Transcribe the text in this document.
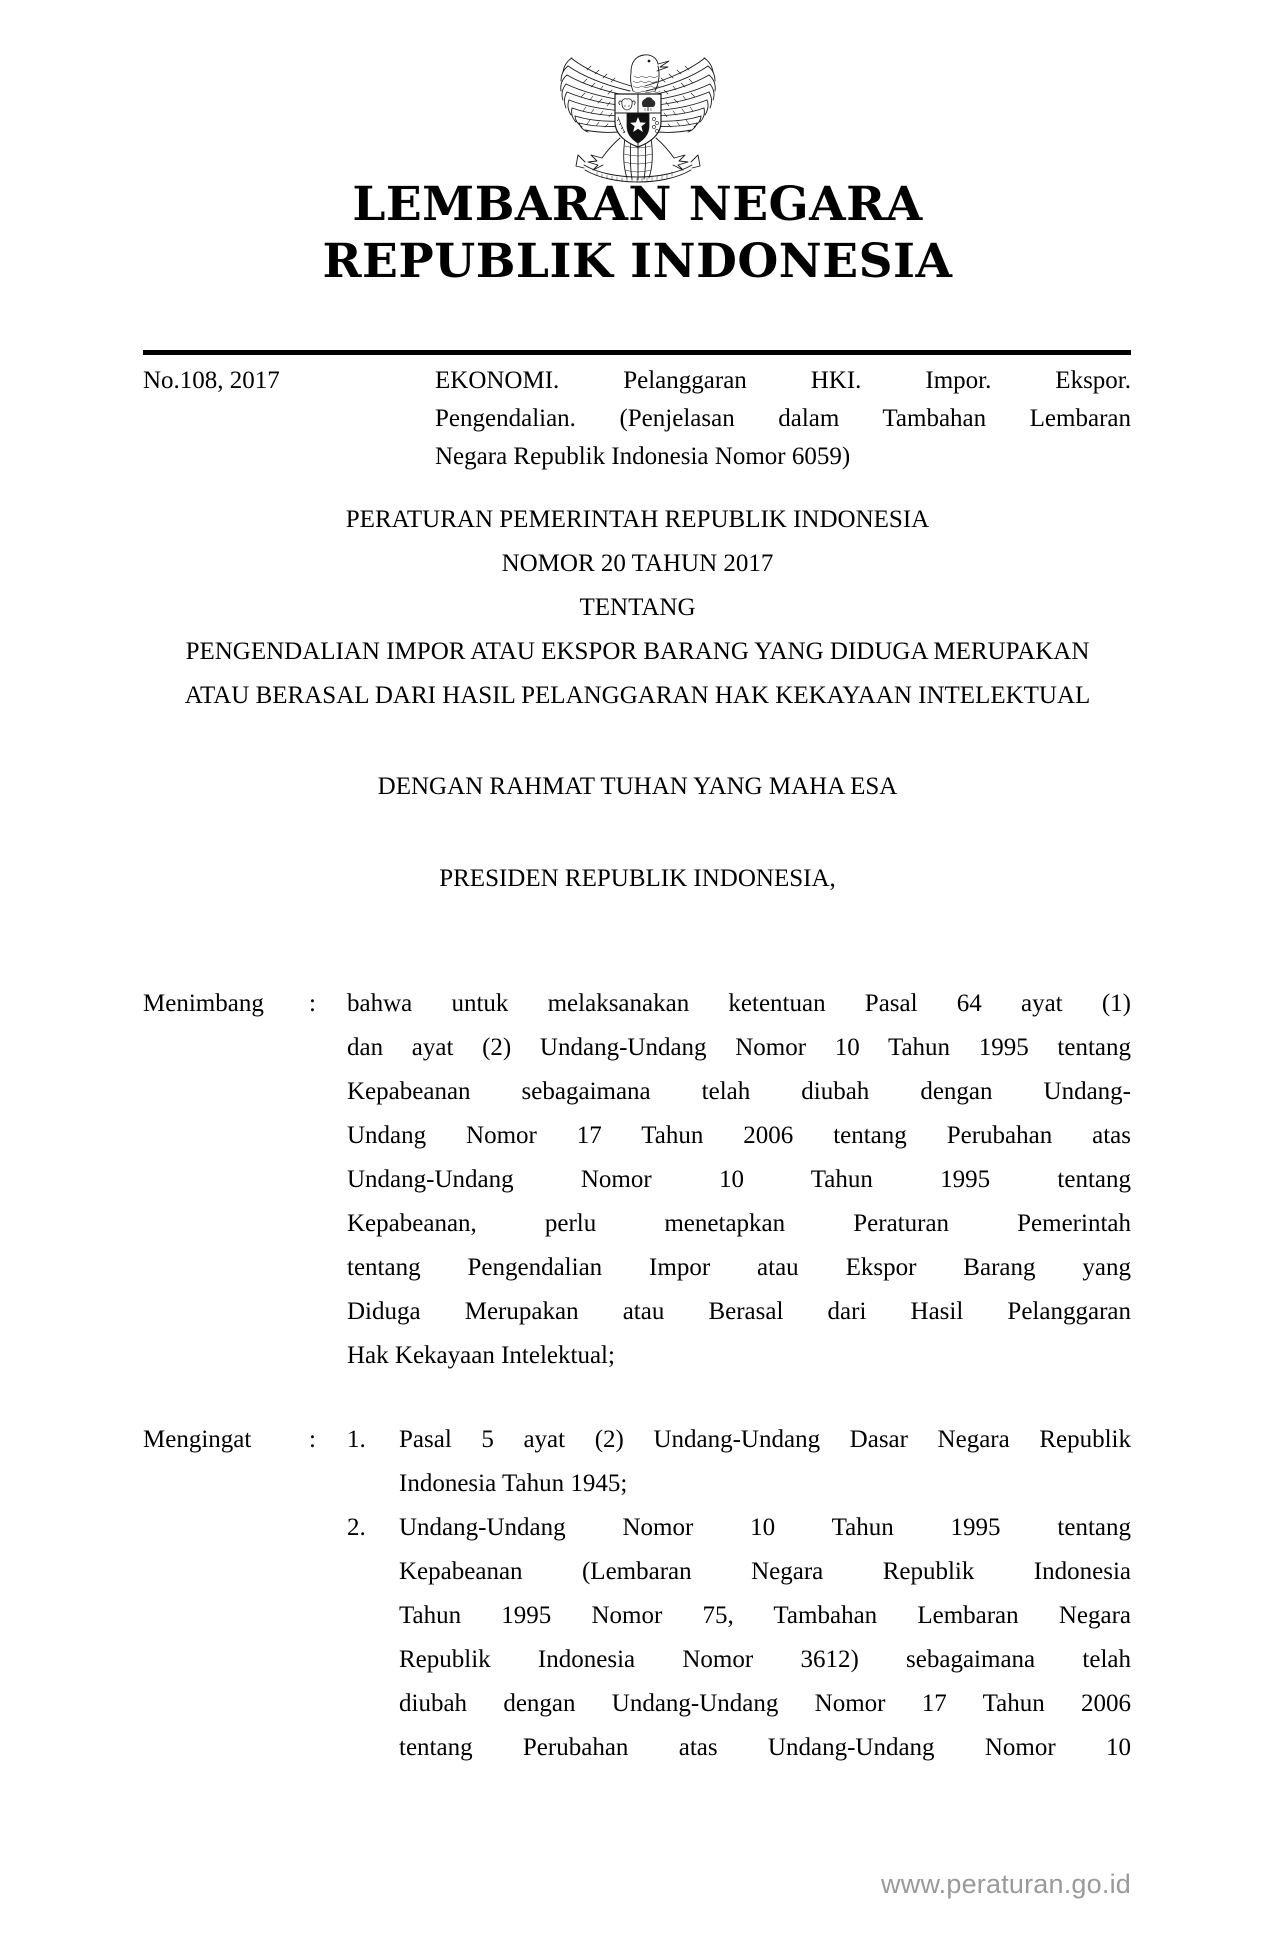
LEMBARAN NEGARA
REPUBLIK INDONESIA
No.108, 2017	EKONOMI. Pelanggaran HKI. Impor. Ekspor.
Pengendalian. (Penjelasan dalam Tambahan Lembaran
Negara Republik Indonesia Nomor 6059)
PERATURAN PEMERINTAH REPUBLIK INDONESIA
NOMOR 20 TAHUN 2017
TENTANG
PENGENDALIAN IMPOR ATAU EKSPOR BARANG YANG DIDUGA MERUPAKAN
ATAU BERASAL DARI HASIL PELANGGARAN HAK KEKAYAAN INTELEKTUAL
DENGAN RAHMAT TUHAN YANG MAHA ESA
PRESIDEN REPUBLIK INDONESIA,
Menimbang	:	bahwa untuk melaksanakan ketentuan Pasal 64 ayat (1)
dan ayat (2) Undang-Undang Nomor 10 Tahun 1995 tentang
Kepabeanan sebagaimana telah diubah dengan Undang-
Undang Nomor 17 Tahun 2006 tentang Perubahan atas
Undang-Undang Nomor 10 Tahun 1995 tentang
Kepabeanan, perlu menetapkan Peraturan Pemerintah
tentang Pengendalian Impor atau Ekspor Barang yang
Diduga Merupakan atau Berasal dari Hasil Pelanggaran
Hak Kekayaan Intelektual;
Mengingat	:	1.	Pasal 5 ayat (2) Undang-Undang Dasar Negara Republik
Indonesia Tahun 1945;
2.	Undang-Undang Nomor 10 Tahun 1995 tentang
Kepabeanan (Lembaran Negara Republik Indonesia
Tahun 1995 Nomor 75, Tambahan Lembaran Negara
Republik Indonesia Nomor 3612) sebagaimana telah
diubah dengan Undang-Undang Nomor 17 Tahun 2006
tentang Perubahan atas Undang-Undang Nomor 10
www.peraturan.go.id
